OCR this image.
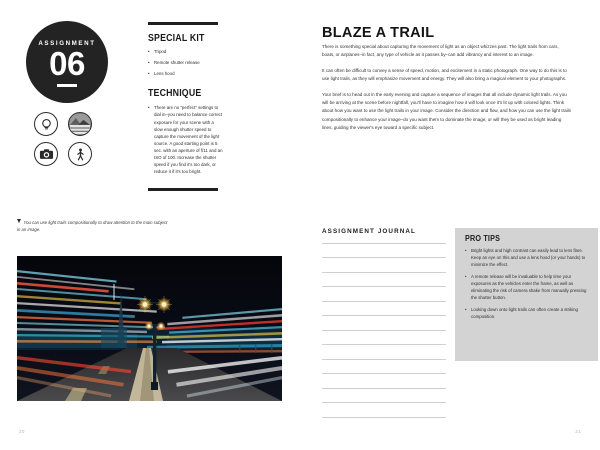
ASSIGNMENT
06
SPECIAL KIT
• Tripod
• Remote shutter release
• Lens hood
TECHNIQUE
• There are no "perfect" settings to dial in–you need to balance correct exposure for your scene with a slow enough shutter speed to capture the movement of the light source. A good starting point is 5 sec. with an aperture of f/11 and an ISO of 100. Increase the shutter speed if you find it's too dark, or reduce it if it's too bright.
You can use light trails compositionally to draw attention to the main subject in an image.
20
BLAZE A TRAIL

There is something special about capturing the movement of light as an object whizzes past. The light trails from cars, boats, or airplanes–in fact, any type of vehicle as it passes by–can add vibrancy and interest to an image.

It can often be difficult to convey a sense of speed, motion, and excitement in a static photograph. One way to do this is to use light trails, as they will emphasize movement and energy. They will also bring a magical element to your photographs.

Your brief is to head out in the early evening and capture a sequence of images that all include dynamic light trails. As you will be arriving at the scene before nightfall, you'll have to imagine how it will look once it's lit up with colored lights. Think about how you want to use the light trails in your image. Consider the direction and flow, and how you can use the light trails compositionally to enhance your image–do you want them to dominate the image, or will they be used as bright leading lines, guiding the viewer's eye toward a specific subject.

ASSIGNMENT JOURNAL
PRO TIPS
• Bright lights and high contrast can easily lead to lens flare. Keep an eye on this and use a lens hood (or your hands) to minimize the effect.
• A remote release will be invaluable to help time your exposures as the vehicles enter the frame, as well as eliminating the risk of camera shake from manually pressing the shutter button.
• Looking down onto light trails can often create a striking composition.
21
